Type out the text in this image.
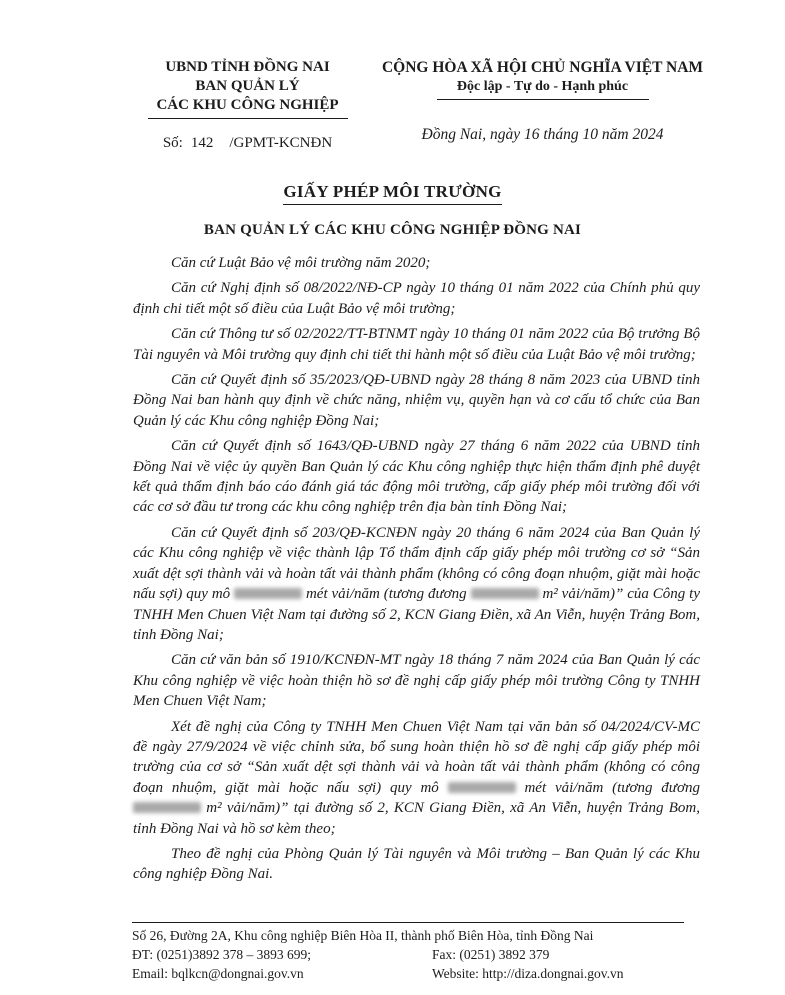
UBND TỈNH ĐỒNG NAI
BAN QUẢN LÝ
CÁC KHU CÔNG NGHIỆP
Số: 142 /GPMT-KCNĐN
CỘNG HÒA XÃ HỘI CHỦ NGHĨA VIỆT NAM
Độc lập - Tự do - Hạnh phúc
Đồng Nai, ngày 16 tháng 10 năm 2024
GIẤY PHÉP MÔI TRƯỜNG
BAN QUẢN LÝ CÁC KHU CÔNG NGHIỆP ĐỒNG NAI

Căn cứ Luật Bảo vệ môi trường năm 2020;

Căn cứ Nghị định số 08/2022/NĐ-CP ngày 10 tháng 01 năm 2022 của Chính phủ quy định chi tiết một số điều của Luật Bảo vệ môi trường;

Căn cứ Thông tư số 02/2022/TT-BTNMT ngày 10 tháng 01 năm 2022 của Bộ trưởng Bộ Tài nguyên và Môi trường quy định chi tiết thi hành một số điều của Luật Bảo vệ môi trường;

Căn cứ Quyết định số 35/2023/QĐ-UBND ngày 28 tháng 8 năm 2023 của UBND tỉnh Đồng Nai ban hành quy định về chức năng, nhiệm vụ, quyền hạn và cơ cấu tổ chức của Ban Quản lý các Khu công nghiệp Đồng Nai;

Căn cứ Quyết định số 1643/QĐ-UBND ngày 27 tháng 6 năm 2022 của UBND tỉnh Đồng Nai về việc ủy quyền Ban Quản lý các Khu công nghiệp thực hiện thẩm định phê duyệt kết quả thẩm định báo cáo đánh giá tác động môi trường, cấp giấy phép môi trường đối với các cơ sở đầu tư trong các khu công nghiệp trên địa bàn tỉnh Đồng Nai;

Căn cứ Quyết định số 203/QĐ-KCNĐN ngày 20 tháng 6 năm 2024 của Ban Quản lý các Khu công nghiệp về việc thành lập Tổ thẩm định cấp giấy phép môi trường cơ sở “Sản xuất dệt sợi thành vải và hoàn tất vải thành phẩm (không có công đoạn nhuộm, giặt mài hoặc nấu sợi) quy mô	mét vải/năm (tương đương	m² vải/năm)” của Công ty TNHH Men Chuen Việt Nam tại đường số 2, KCN Giang Điền, xã An Viễn, huyện Trảng Bom, tỉnh Đồng Nai;

Căn cứ văn bản số 1910/KCNĐN-MT ngày 18 tháng 7 năm 2024 của Ban Quản lý các Khu công nghiệp về việc hoàn thiện hồ sơ đề nghị cấp giấy phép môi trường Công ty TNHH Men Chuen Việt Nam;

Xét đề nghị của Công ty TNHH Men Chuen Việt Nam tại văn bản số 04/2024/CV-MC đề ngày 27/9/2024 về việc chỉnh sửa, bổ sung hoàn thiện hồ sơ đề nghị cấp giấy phép môi trường của cơ sở “Sản xuất dệt sợi thành vải và hoàn tất vải thành phẩm (không có công đoạn nhuộm, giặt mài hoặc nấu sợi) quy mô	mét vải/năm (tương đương  m² vải/năm)” tại đường số 2, KCN Giang Điền, xã An Viễn, huyện Trảng Bom, tỉnh Đồng Nai và hồ sơ kèm theo;

Theo đề nghị của Phòng Quản lý Tài nguyên và Môi trường – Ban Quản lý các Khu công nghiệp Đồng Nai.

Số 26, Đường 2A, Khu công nghiệp Biên Hòa II, thành phố Biên Hòa, tỉnh Đồng Nai
ĐT: (0251)3892 378 – 3893 699;	Fax: (0251) 3892 379
Email: bqlkcn@dongnai.gov.vn	Website: http://diza.dongnai.gov.vn
